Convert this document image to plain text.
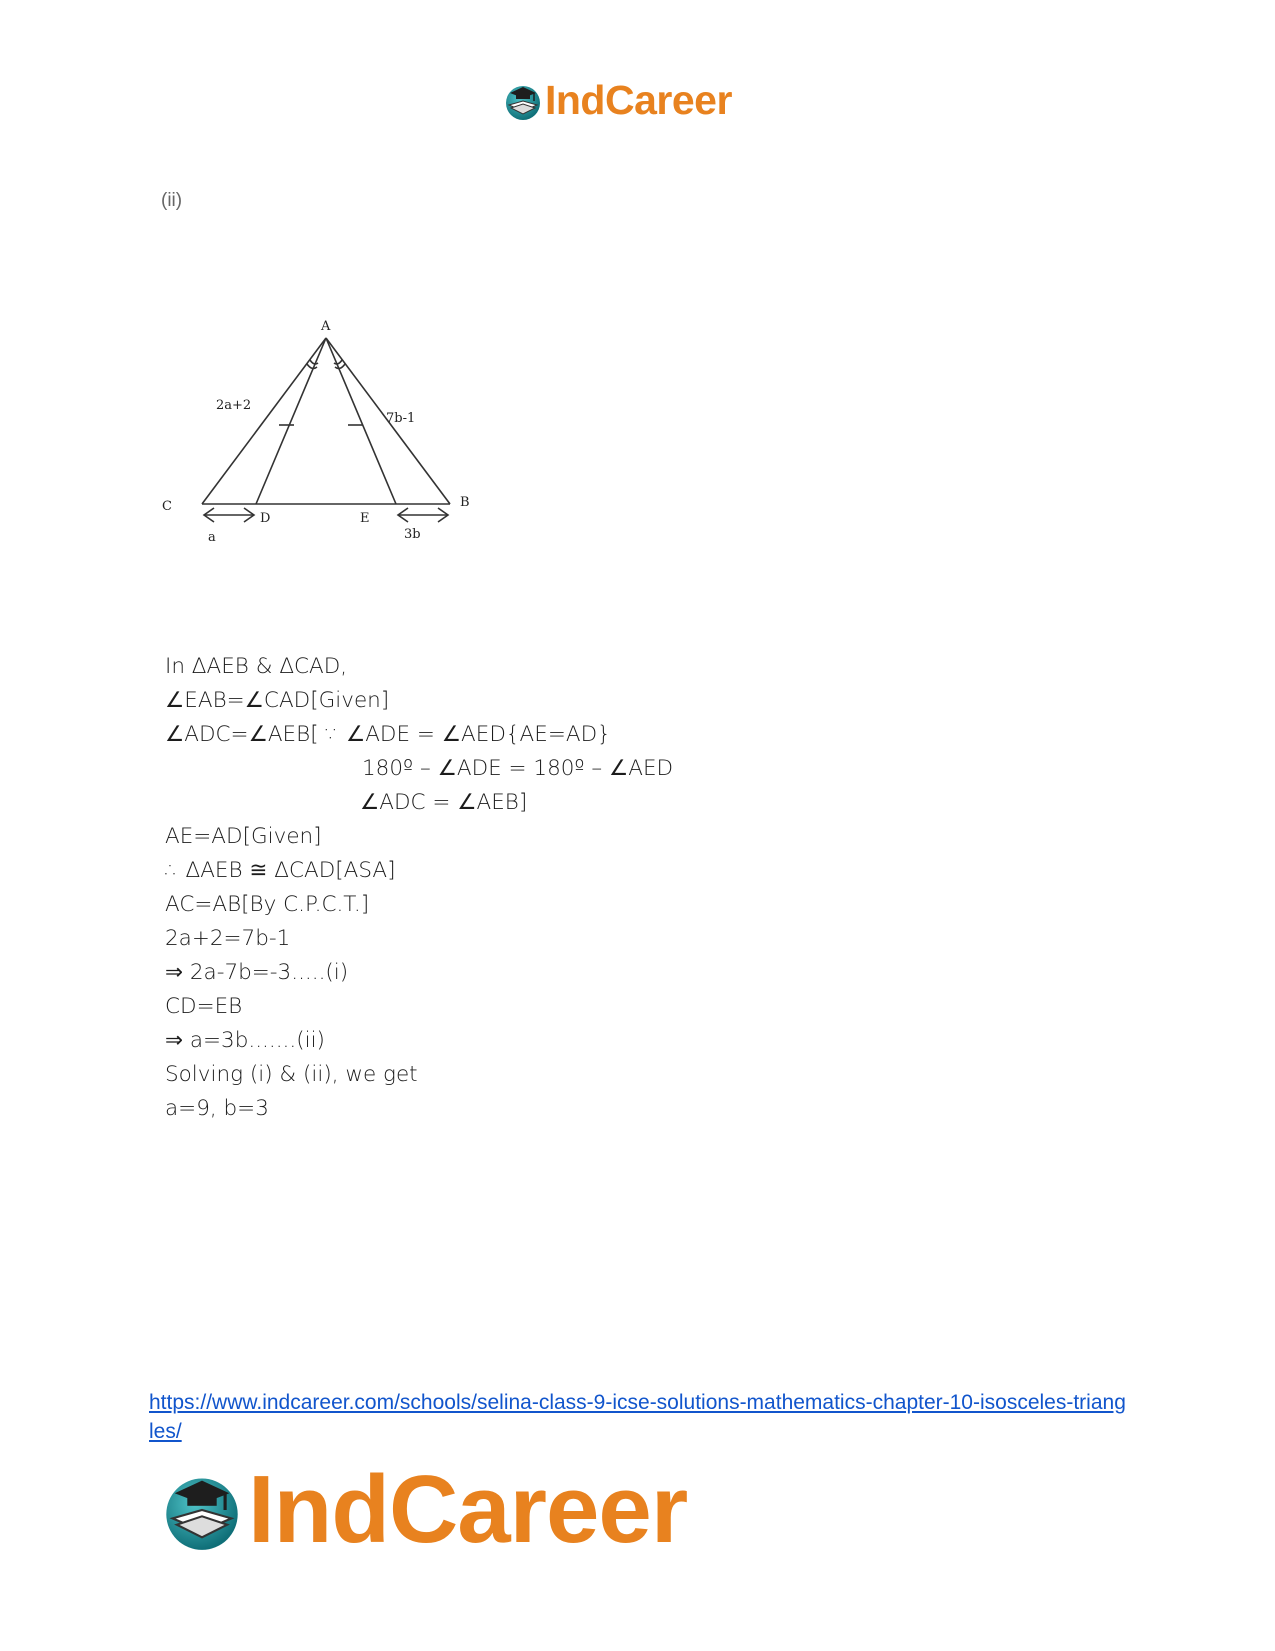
IndCareer
(ii)
A
C	B
D	E
2a+2
7b-1
a	3b
In ΔAEB & ΔCAD,
∠EAB=∠CAD[Given]
∠ADC=∠AEB[ ∵ ∠ADE = ∠AED{AE=AD}
180º – ∠ADE = 180º – ∠AED
∠ADC = ∠AEB]
AE=AD[Given]
∴ ΔAEB ≅ ΔCAD[ASA]
AC=AB[By C.P.C.T.]
2a+2=7b-1
⇒ 2a-7b=-3.....(i)
CD=EB
⇒ a=3b.......(ii)
Solving (i) & (ii), we get
a=9, b=3
https://www.indcareer.com/schools/selina-class-9-icse-solutions-mathematics-chapter-10-isosceles-triangles/
IndCareer
